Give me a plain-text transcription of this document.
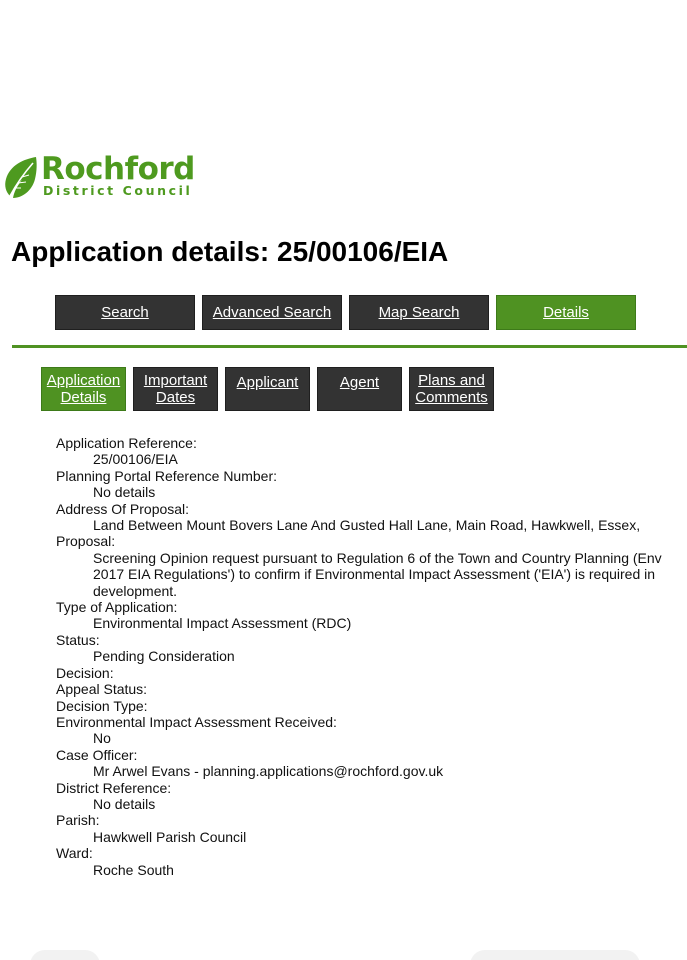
Rochford
District Council
Application details: 25/00106/EIA
Search	Advanced Search	Map Search	Details
Application
Details
Important
Dates
Applicant	Agent	Plans and
Comments
Application Reference:
25/00106/EIA
Planning Portal Reference Number:
No details
Address Of Proposal:
Land Between Mount Bovers Lane And Gusted Hall Lane, Main Road, Hawkwell, Essex,
Proposal:
Screening Opinion request pursuant to Regulation 6 of the Town and Country Planning (Env
2017 EIA Regulations') to confirm if Environmental Impact Assessment ('EIA') is required in
development.
Type of Application:
Environmental Impact Assessment (RDC)
Status:
Pending Consideration
Decision:
Appeal Status:
Decision Type:
Environmental Impact Assessment Received:
No
Case Officer:
Mr Arwel Evans - planning.applications@rochford.gov.uk
District Reference:
No details
Parish:
Hawkwell Parish Council
Ward:
Roche South
